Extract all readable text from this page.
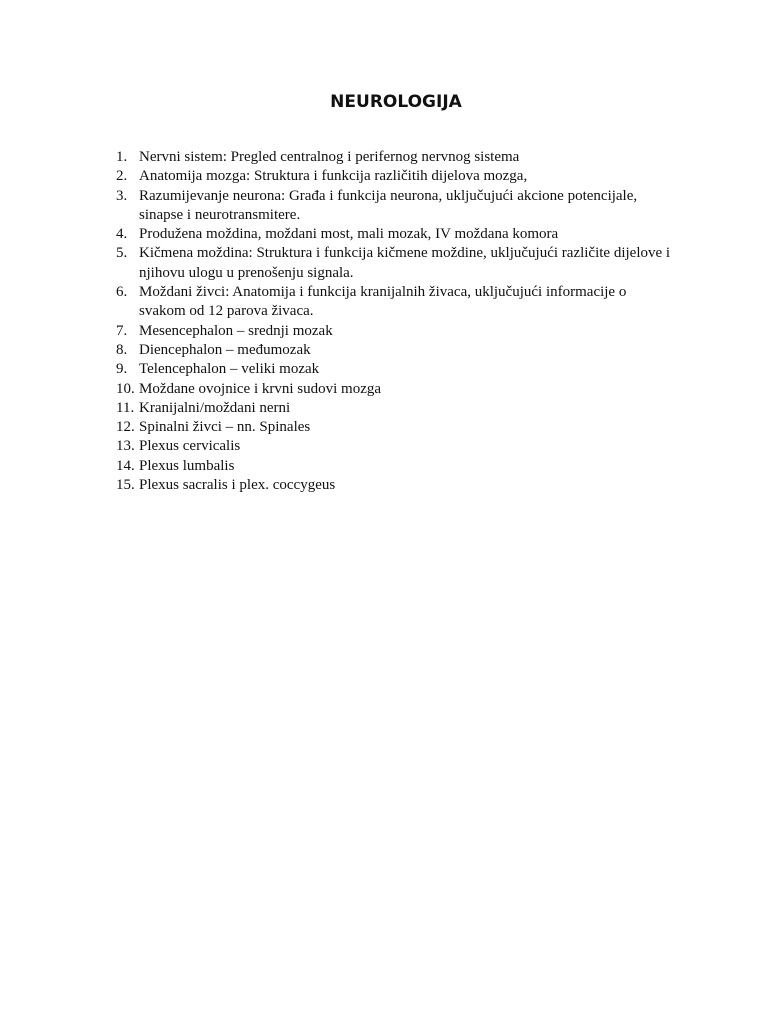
NEUROLOGIJA
1. Nervni sistem: Pregled centralnog i perifernog nervnog sistema
2. Anatomija mozga: Struktura i funkcija različitih dijelova mozga,
3. Razumijevanje neurona: Građa i funkcija neurona, uključujući akcione potencijale, sinapse i neurotransmitere.
4. Produžena moždina, moždani most, mali mozak, IV moždana komora
5. Kičmena moždina: Struktura i funkcija kičmene moždine, uključujući različite dijelove i njihovu ulogu u prenošenju signala.
6. Moždani živci: Anatomija i funkcija kranijalnih živaca, uključujući informacije o svakom od 12 parova živaca.
7. Mesencephalon – srednji mozak
8. Diencephalon – međumozak
9. Telencephalon – veliki mozak
10. Moždane ovojnice i krvni sudovi mozga
11. Kranijalni/moždani nerni
12. Spinalni živci – nn. Spinales
13. Plexus cervicalis
14. Plexus lumbalis
15. Plexus sacralis i plex. coccygeus
